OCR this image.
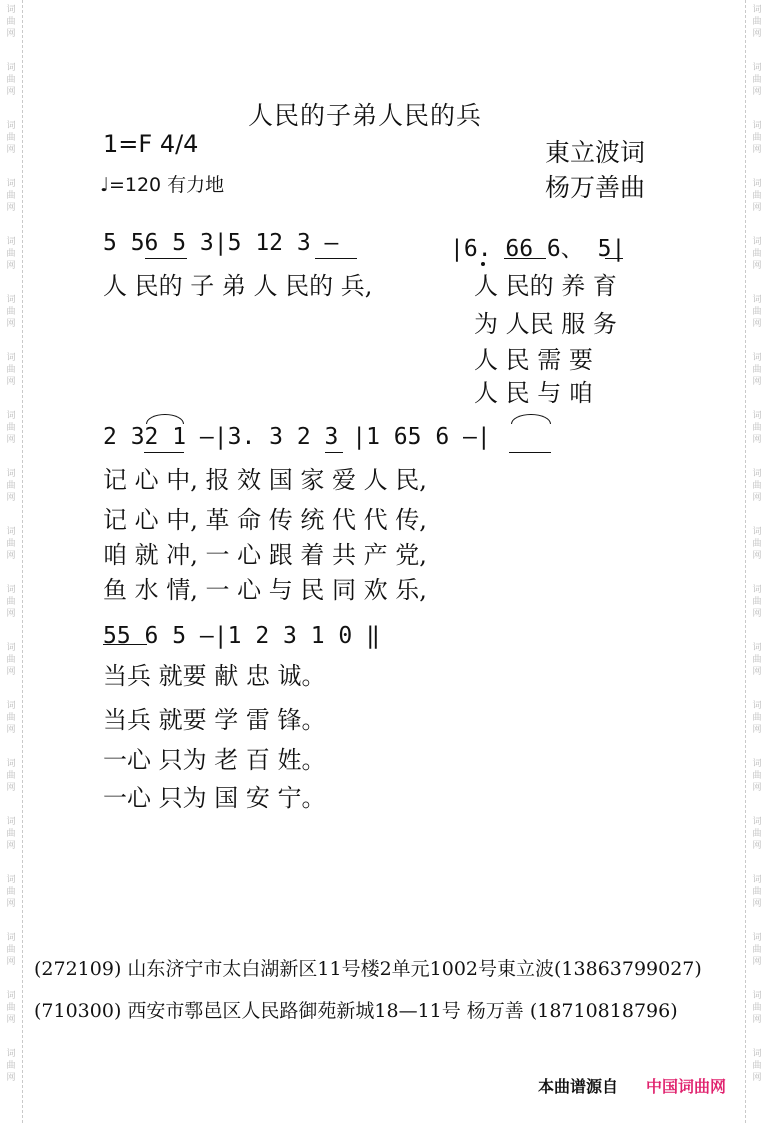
词
曲
网
词
曲
网
词
曲
网
词
曲
网
词
曲
网
词
曲
网
词
曲
网
词
曲
网
词
曲
网
词
曲
网
词
曲
网
词
曲
网
词
曲
网
词
曲
网
词
曲
网
词
曲
网
词
曲
网
词
曲
网
词
曲
网
词
曲
网
词
曲
网
词
曲
网
词
曲
网
词
曲
网
词
曲
网
词
曲
网
词
曲
网
词
曲
网
词
曲
网
词
曲
网
词
曲
网
词
曲
网
词
曲
网
词
曲
网
词
曲
网
词
曲
网
词
曲
网
词
曲
网
人民的子弟人民的兵
1=F 4/4
♩=120 有力地
東立波词
杨万善曲
5 56 5 3|5 12 3 —	|6. 66 6、 5|
人 民的 子 弟 人 民的 兵,	人 民的 养 育
为 人民 服 务
人 民 需 要
人 民 与 咱
2 32 1 —|3. 3 2 3 |1 65 6 —|
记 心 中, 报 效 国 家 爱 人 民,
记 心 中, 革 命 传 统 代 代 传,
咱 就 冲, 一 心 跟 着 共 产 党,
鱼 水 情, 一 心 与 民 同 欢 乐,
55 6 5 —|1 2 3 1 0 ‖
当兵 就要 献 忠 诚。
当兵 就要 学 雷 锋。
一心 只为 老 百 姓。
一心 只为 国 安 宁。
(272109) 山东济宁市太白湖新区11号楼2单元1002号東立波(13863799027)
(710300) 西安市鄠邑区人民路御苑新城18—11号 杨万善 (18710818796)
本曲谱源自 中国词曲网
